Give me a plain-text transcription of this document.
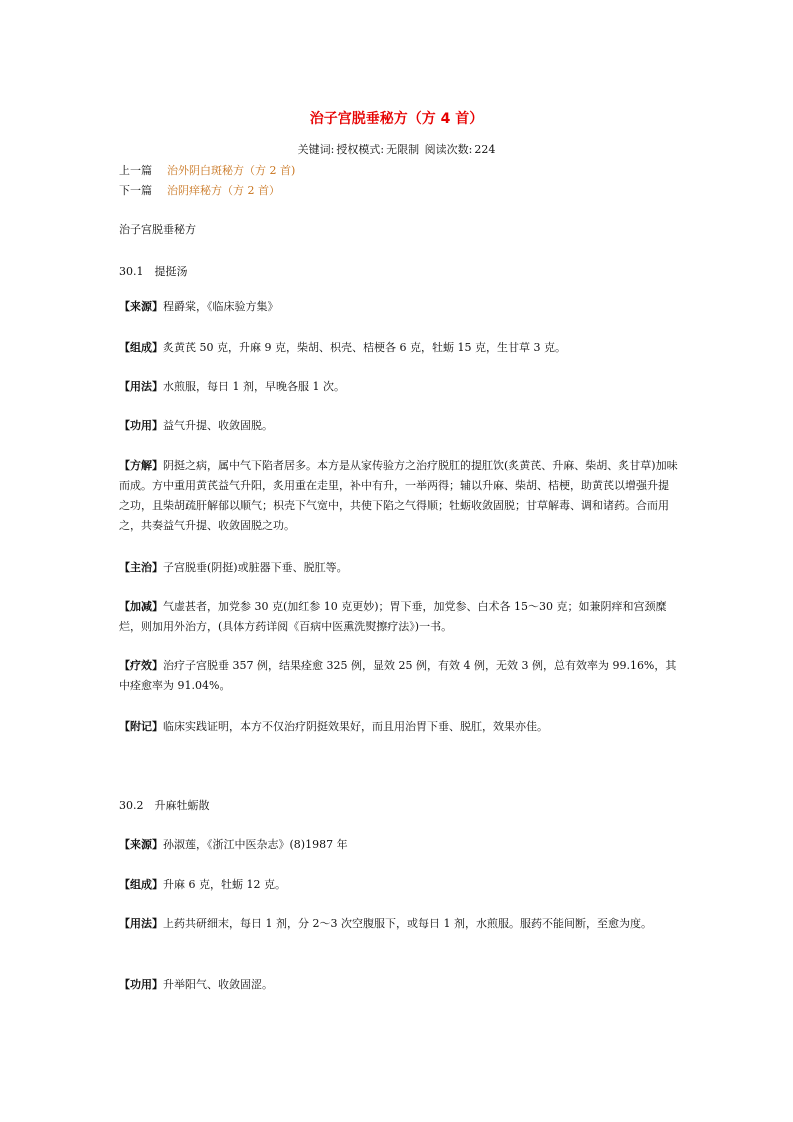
治子宫脱垂秘方（方 4 首）
关键词: 授权模式: 无限制 阅读次数: 224
上一篇 治外阴白斑秘方（方 2 首)
下一篇 治阴痒秘方（方 2 首）
治子宫脱垂秘方
30.1　提挺汤
【来源】程爵棠，《临床验方集》
【组成】炙黄芪 50 克，升麻 9 克，柴胡、枳壳、桔梗各 6 克，牡蛎 15 克，生甘草 3 克。
【用法】水煎服，每日 1 剂，早晚各服 1 次。
【功用】益气升提、收敛固脱。
【方解】阴挺之病，属中气下陷者居多。本方是从家传验方之治疗脱肛的提肛饮(炙黄芪、升麻、柴胡、炙甘草)加味而成。方中重用黄芪益气升阳，炙用重在走里，补中有升，一举两得；辅以升麻、柴胡、桔梗，助黄芪以增强升提之功，且柴胡疏肝解郁以顺气；枳壳下气宽中，共使下陷之气得顺；牡蛎收敛固脱；甘草解毒、调和诸药。合而用之，共奏益气升提、收敛固脱之功。
【主治】子宫脱垂(阴挺)或脏器下垂、脱肛等。
【加减】气虚甚者，加党参 30 克(加红参 10 克更妙)；胃下垂，加党参、白术各 15～30 克；如兼阴痒和宫颈糜烂，则加用外治方，(具体方药详阅《百病中医熏洗熨擦疗法》)一书。
【疗效】治疗子宫脱垂 357 例，结果痊愈 325 例，显效 25 例，有效 4 例，无效 3 例，总有效率为 99.16%，其中痊愈率为 91.04%。
【附记】临床实践证明，本方不仅治疗阴挺效果好，而且用治胃下垂、脱肛，效果亦佳。
30.2　升麻牡蛎散
【来源】孙淑莲，《浙江中医杂志》(8)1987 年
【组成】升麻 6 克，牡蛎 12 克。
【用法】上药共研细末，每日 1 剂，分 2～3 次空腹服下，或每日 1 剂，水煎服。服药不能间断，至愈为度。
【功用】升举阳气、收敛固涩。
